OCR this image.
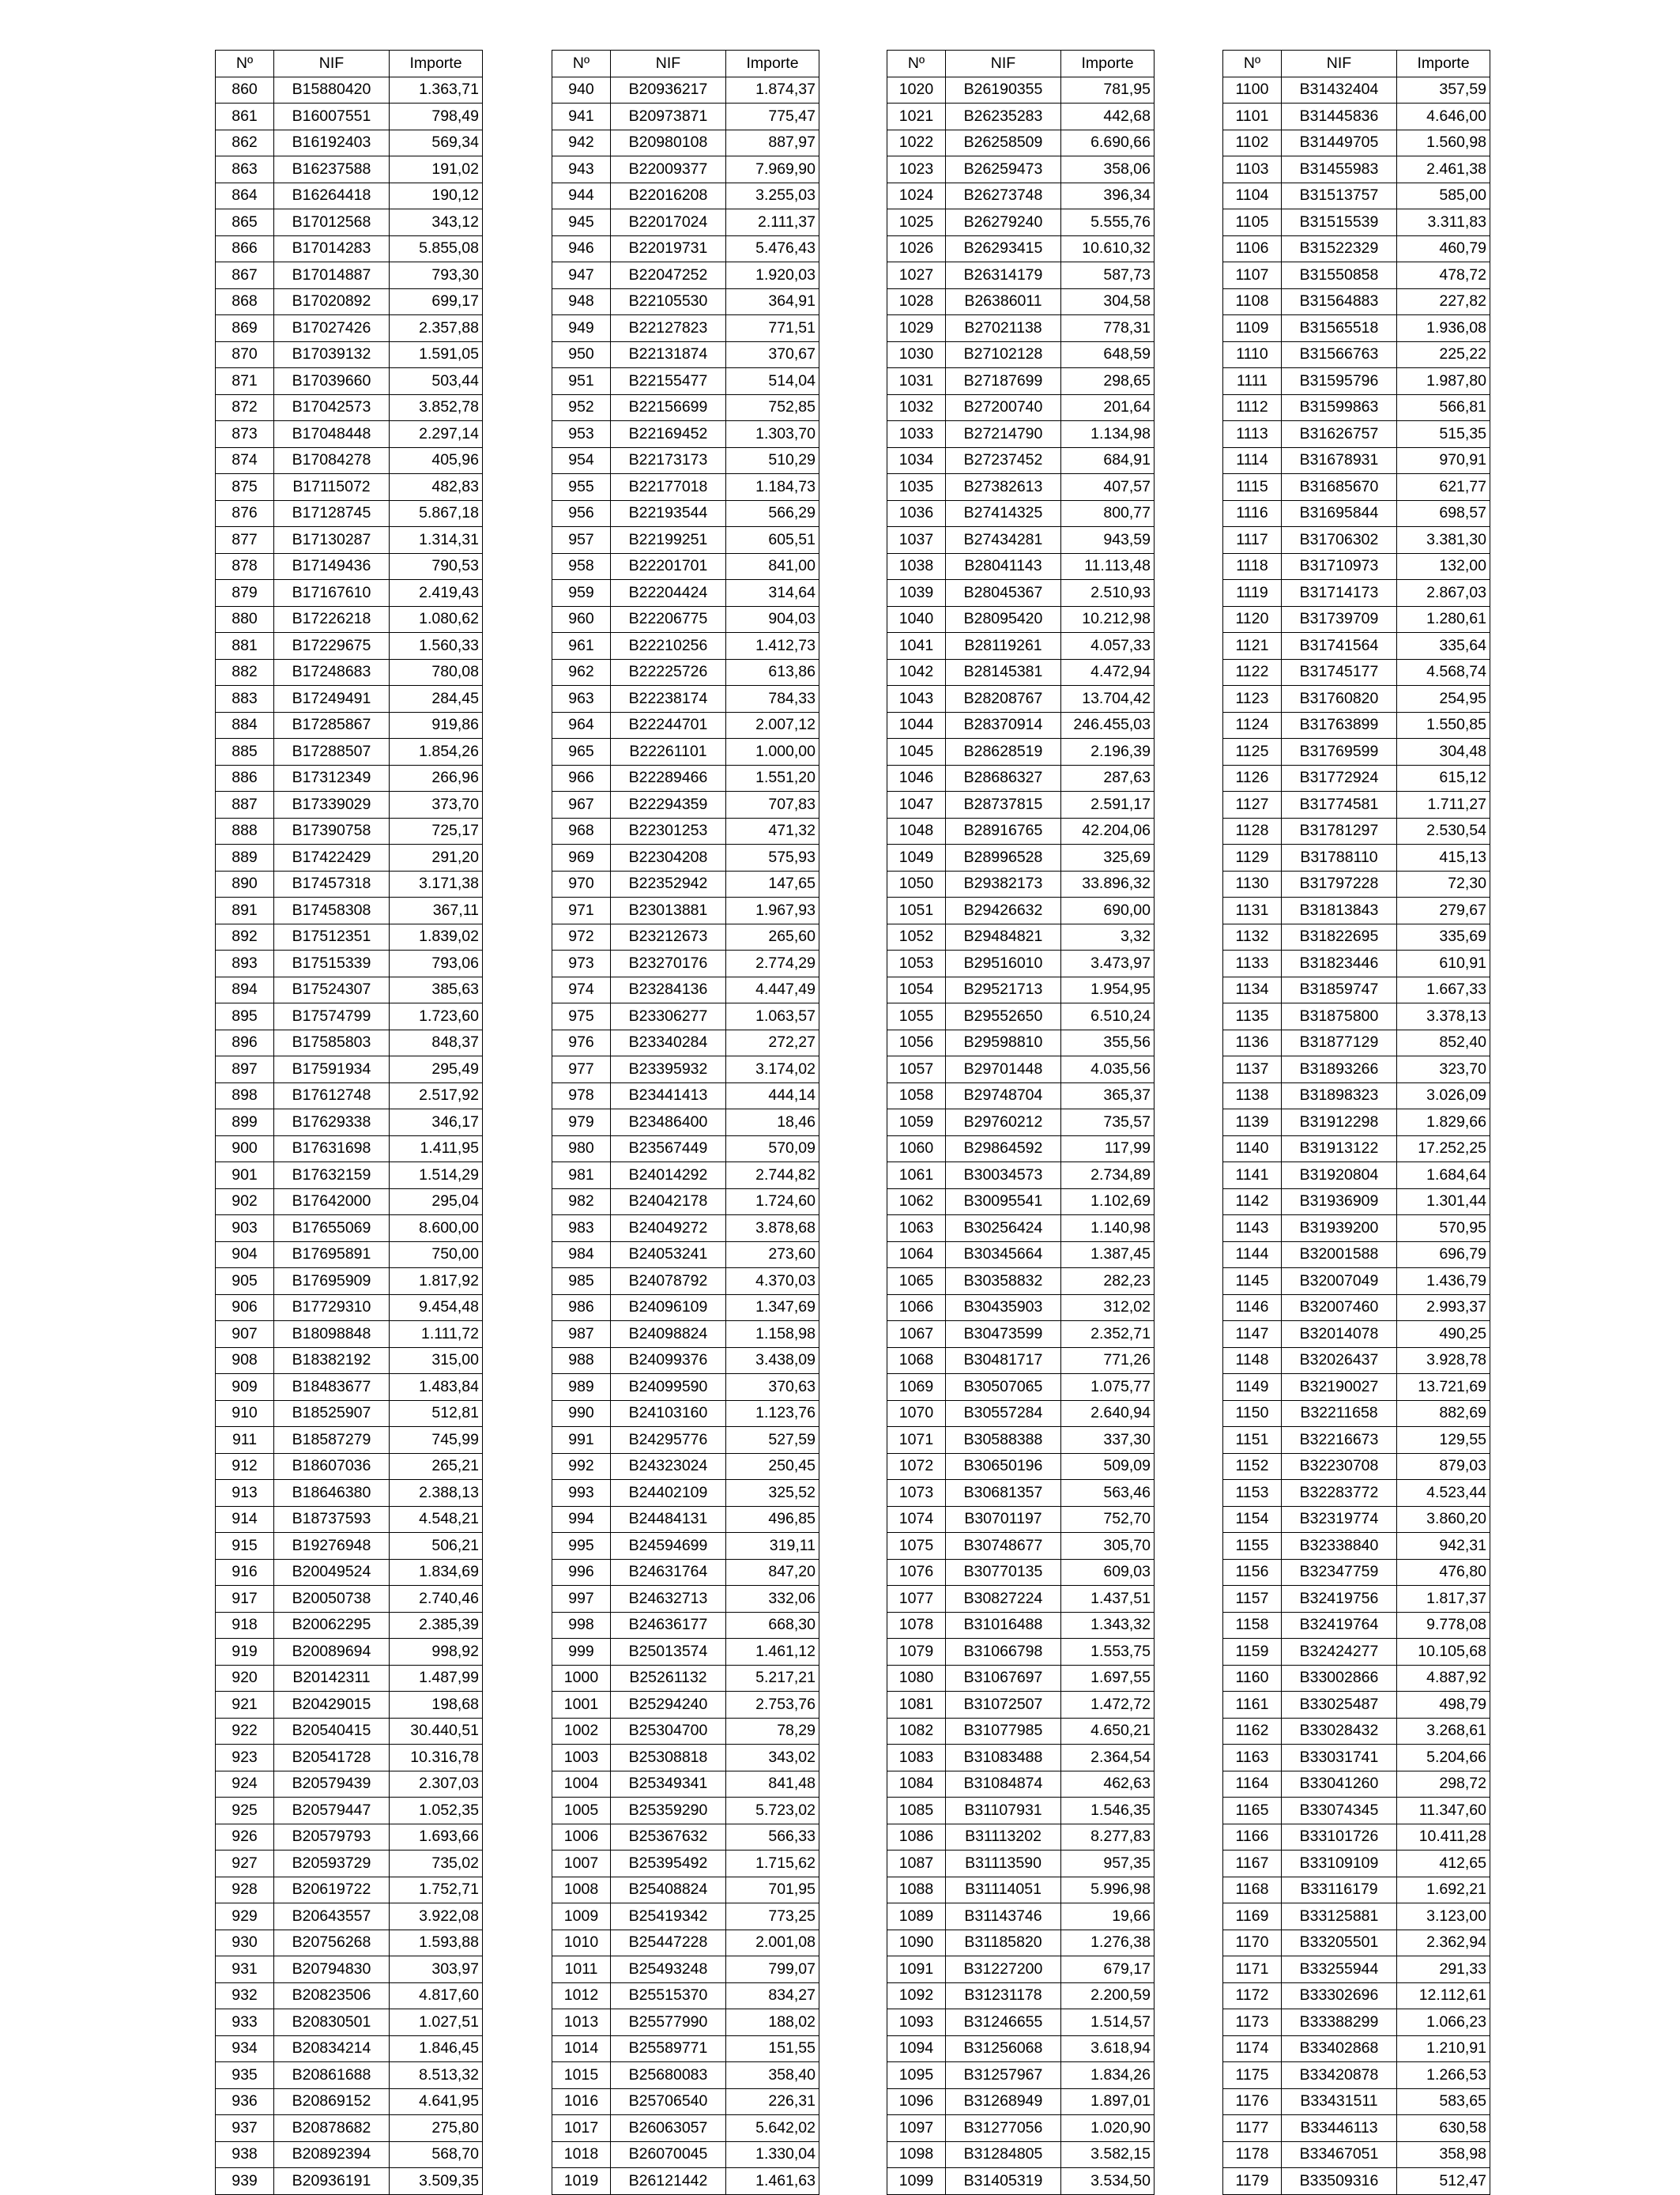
Nº	NIF	Importe
860	B15880420	1.363,71
861	B16007551	798,49
862	B16192403	569,34
863	B16237588	191,02
864	B16264418	190,12
865	B17012568	343,12
866	B17014283	5.855,08
867	B17014887	793,30
868	B17020892	699,17
869	B17027426	2.357,88
870	B17039132	1.591,05
871	B17039660	503,44
872	B17042573	3.852,78
873	B17048448	2.297,14
874	B17084278	405,96
875	B17115072	482,83
876	B17128745	5.867,18
877	B17130287	1.314,31
878	B17149436	790,53
879	B17167610	2.419,43
880	B17226218	1.080,62
881	B17229675	1.560,33
882	B17248683	780,08
883	B17249491	284,45
884	B17285867	919,86
885	B17288507	1.854,26
886	B17312349	266,96
887	B17339029	373,70
888	B17390758	725,17
889	B17422429	291,20
890	B17457318	3.171,38
891	B17458308	367,11
892	B17512351	1.839,02
893	B17515339	793,06
894	B17524307	385,63
895	B17574799	1.723,60
896	B17585803	848,37
897	B17591934	295,49
898	B17612748	2.517,92
899	B17629338	346,17
900	B17631698	1.411,95
901	B17632159	1.514,29
902	B17642000	295,04
903	B17655069	8.600,00
904	B17695891	750,00
905	B17695909	1.817,92
906	B17729310	9.454,48
907	B18098848	1.111,72
908	B18382192	315,00
909	B18483677	1.483,84
910	B18525907	512,81
911	B18587279	745,99
912	B18607036	265,21
913	B18646380	2.388,13
914	B18737593	4.548,21
915	B19276948	506,21
916	B20049524	1.834,69
917	B20050738	2.740,46
918	B20062295	2.385,39
919	B20089694	998,92
920	B20142311	1.487,99
921	B20429015	198,68
922	B20540415	30.440,51
923	B20541728	10.316,78
924	B20579439	2.307,03
925	B20579447	1.052,35
926	B20579793	1.693,66
927	B20593729	735,02
928	B20619722	1.752,71
929	B20643557	3.922,08
930	B20756268	1.593,88
931	B20794830	303,97
932	B20823506	4.817,60
933	B20830501	1.027,51
934	B20834214	1.846,45
935	B20861688	8.513,32
936	B20869152	4.641,95
937	B20878682	275,80
938	B20892394	568,70
939	B20936191	3.509,35
Nº	NIF	Importe
940	B20936217	1.874,37
941	B20973871	775,47
942	B20980108	887,97
943	B22009377	7.969,90
944	B22016208	3.255,03
945	B22017024	2.111,37
946	B22019731	5.476,43
947	B22047252	1.920,03
948	B22105530	364,91
949	B22127823	771,51
950	B22131874	370,67
951	B22155477	514,04
952	B22156699	752,85
953	B22169452	1.303,70
954	B22173173	510,29
955	B22177018	1.184,73
956	B22193544	566,29
957	B22199251	605,51
958	B22201701	841,00
959	B22204424	314,64
960	B22206775	904,03
961	B22210256	1.412,73
962	B22225726	613,86
963	B22238174	784,33
964	B22244701	2.007,12
965	B22261101	1.000,00
966	B22289466	1.551,20
967	B22294359	707,83
968	B22301253	471,32
969	B22304208	575,93
970	B22352942	147,65
971	B23013881	1.967,93
972	B23212673	265,60
973	B23270176	2.774,29
974	B23284136	4.447,49
975	B23306277	1.063,57
976	B23340284	272,27
977	B23395932	3.174,02
978	B23441413	444,14
979	B23486400	18,46
980	B23567449	570,09
981	B24014292	2.744,82
982	B24042178	1.724,60
983	B24049272	3.878,68
984	B24053241	273,60
985	B24078792	4.370,03
986	B24096109	1.347,69
987	B24098824	1.158,98
988	B24099376	3.438,09
989	B24099590	370,63
990	B24103160	1.123,76
991	B24295776	527,59
992	B24323024	250,45
993	B24402109	325,52
994	B24484131	496,85
995	B24594699	319,11
996	B24631764	847,20
997	B24632713	332,06
998	B24636177	668,30
999	B25013574	1.461,12
1000	B25261132	5.217,21
1001	B25294240	2.753,76
1002	B25304700	78,29
1003	B25308818	343,02
1004	B25349341	841,48
1005	B25359290	5.723,02
1006	B25367632	566,33
1007	B25395492	1.715,62
1008	B25408824	701,95
1009	B25419342	773,25
1010	B25447228	2.001,08
1011	B25493248	799,07
1012	B25515370	834,27
1013	B25577990	188,02
1014	B25589771	151,55
1015	B25680083	358,40
1016	B25706540	226,31
1017	B26063057	5.642,02
1018	B26070045	1.330,04
1019	B26121442	1.461,63
Nº	NIF	Importe
1020	B26190355	781,95
1021	B26235283	442,68
1022	B26258509	6.690,66
1023	B26259473	358,06
1024	B26273748	396,34
1025	B26279240	5.555,76
1026	B26293415	10.610,32
1027	B26314179	587,73
1028	B26386011	304,58
1029	B27021138	778,31
1030	B27102128	648,59
1031	B27187699	298,65
1032	B27200740	201,64
1033	B27214790	1.134,98
1034	B27237452	684,91
1035	B27382613	407,57
1036	B27414325	800,77
1037	B27434281	943,59
1038	B28041143	11.113,48
1039	B28045367	2.510,93
1040	B28095420	10.212,98
1041	B28119261	4.057,33
1042	B28145381	4.472,94
1043	B28208767	13.704,42
1044	B28370914	246.455,03
1045	B28628519	2.196,39
1046	B28686327	287,63
1047	B28737815	2.591,17
1048	B28916765	42.204,06
1049	B28996528	325,69
1050	B29382173	33.896,32
1051	B29426632	690,00
1052	B29484821	3,32
1053	B29516010	3.473,97
1054	B29521713	1.954,95
1055	B29552650	6.510,24
1056	B29598810	355,56
1057	B29701448	4.035,56
1058	B29748704	365,37
1059	B29760212	735,57
1060	B29864592	117,99
1061	B30034573	2.734,89
1062	B30095541	1.102,69
1063	B30256424	1.140,98
1064	B30345664	1.387,45
1065	B30358832	282,23
1066	B30435903	312,02
1067	B30473599	2.352,71
1068	B30481717	771,26
1069	B30507065	1.075,77
1070	B30557284	2.640,94
1071	B30588388	337,30
1072	B30650196	509,09
1073	B30681357	563,46
1074	B30701197	752,70
1075	B30748677	305,70
1076	B30770135	609,03
1077	B30827224	1.437,51
1078	B31016488	1.343,32
1079	B31066798	1.553,75
1080	B31067697	1.697,55
1081	B31072507	1.472,72
1082	B31077985	4.650,21
1083	B31083488	2.364,54
1084	B31084874	462,63
1085	B31107931	1.546,35
1086	B31113202	8.277,83
1087	B31113590	957,35
1088	B31114051	5.996,98
1089	B31143746	19,66
1090	B31185820	1.276,38
1091	B31227200	679,17
1092	B31231178	2.200,59
1093	B31246655	1.514,57
1094	B31256068	3.618,94
1095	B31257967	1.834,26
1096	B31268949	1.897,01
1097	B31277056	1.020,90
1098	B31284805	3.582,15
1099	B31405319	3.534,50
Nº	NIF	Importe
1100	B31432404	357,59
1101	B31445836	4.646,00
1102	B31449705	1.560,98
1103	B31455983	2.461,38
1104	B31513757	585,00
1105	B31515539	3.311,83
1106	B31522329	460,79
1107	B31550858	478,72
1108	B31564883	227,82
1109	B31565518	1.936,08
1110	B31566763	225,22
1111	B31595796	1.987,80
1112	B31599863	566,81
1113	B31626757	515,35
1114	B31678931	970,91
1115	B31685670	621,77
1116	B31695844	698,57
1117	B31706302	3.381,30
1118	B31710973	132,00
1119	B31714173	2.867,03
1120	B31739709	1.280,61
1121	B31741564	335,64
1122	B31745177	4.568,74
1123	B31760820	254,95
1124	B31763899	1.550,85
1125	B31769599	304,48
1126	B31772924	615,12
1127	B31774581	1.711,27
1128	B31781297	2.530,54
1129	B31788110	415,13
1130	B31797228	72,30
1131	B31813843	279,67
1132	B31822695	335,69
1133	B31823446	610,91
1134	B31859747	1.667,33
1135	B31875800	3.378,13
1136	B31877129	852,40
1137	B31893266	323,70
1138	B31898323	3.026,09
1139	B31912298	1.829,66
1140	B31913122	17.252,25
1141	B31920804	1.684,64
1142	B31936909	1.301,44
1143	B31939200	570,95
1144	B32001588	696,79
1145	B32007049	1.436,79
1146	B32007460	2.993,37
1147	B32014078	490,25
1148	B32026437	3.928,78
1149	B32190027	13.721,69
1150	B32211658	882,69
1151	B32216673	129,55
1152	B32230708	879,03
1153	B32283772	4.523,44
1154	B32319774	3.860,20
1155	B32338840	942,31
1156	B32347759	476,80
1157	B32419756	1.817,37
1158	B32419764	9.778,08
1159	B32424277	10.105,68
1160	B33002866	4.887,92
1161	B33025487	498,79
1162	B33028432	3.268,61
1163	B33031741	5.204,66
1164	B33041260	298,72
1165	B33074345	11.347,60
1166	B33101726	10.411,28
1167	B33109109	412,65
1168	B33116179	1.692,21
1169	B33125881	3.123,00
1170	B33205501	2.362,94
1171	B33255944	291,33
1172	B33302696	12.112,61
1173	B33388299	1.066,23
1174	B33402868	1.210,91
1175	B33420878	1.266,53
1176	B33431511	583,65
1177	B33446113	630,58
1178	B33467051	358,98
1179	B33509316	512,47
